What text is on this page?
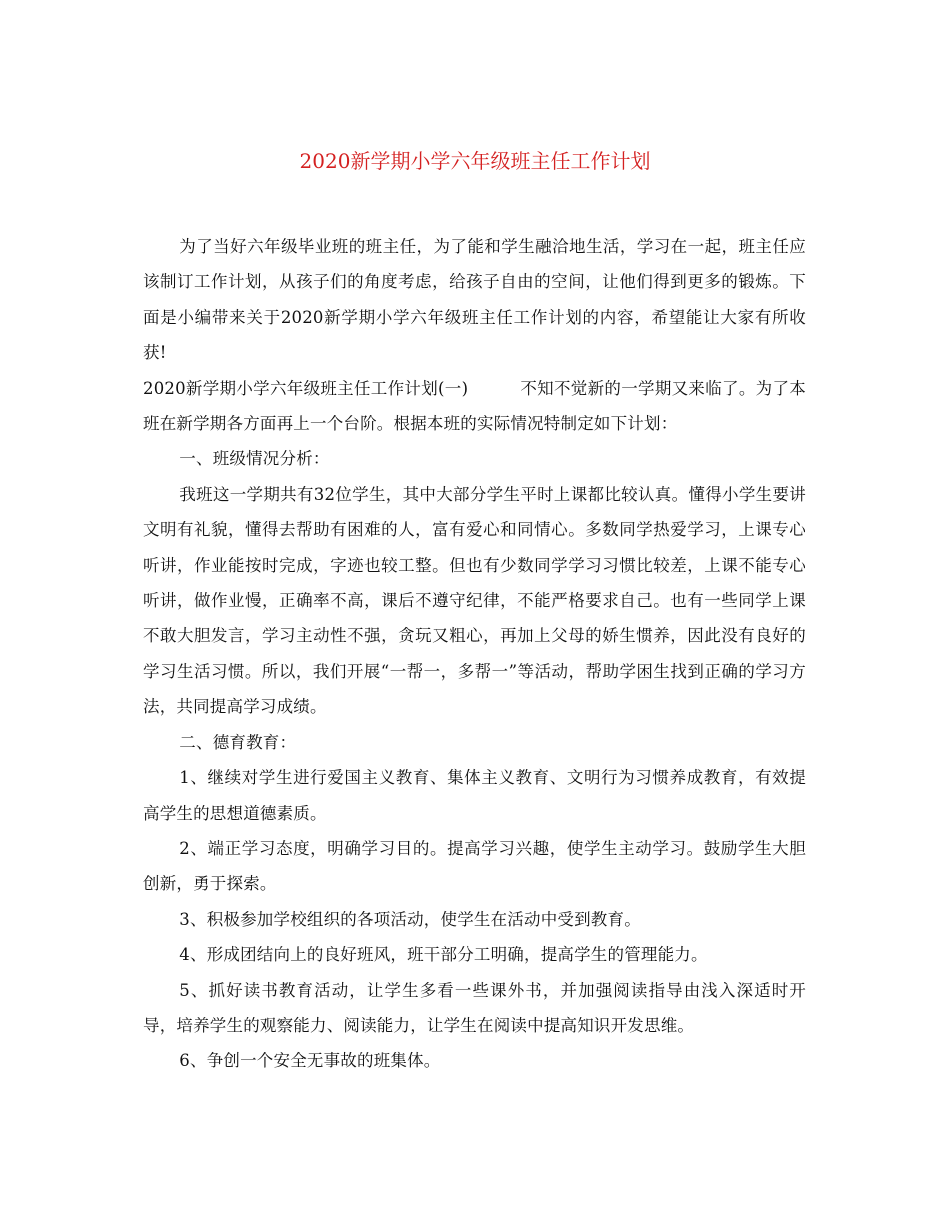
2020新学期小学六年级班主任工作计划

为了当好六年级毕业班的班主任，为了能和学生融洽地生活，学习在一起，班主任应该制订工作计划，从孩子们的角度考虑，给孩子自由的空间，让他们得到更多的锻炼。下面是小编带来关于2020新学期小学六年级班主任工作计划的内容，希望能让大家有所收获!

2020新学期小学六年级班主任工作计划(一)	不知不觉新的一学期又来临了。为了本班在新学期各方面再上一个台阶。根据本班的实际情况特制定如下计划：

一、班级情况分析：

我班这一学期共有32位学生，其中大部分学生平时上课都比较认真。懂得小学生要讲文明有礼貌，懂得去帮助有困难的人，富有爱心和同情心。多数同学热爱学习，上课专心听讲，作业能按时完成，字迹也较工整。但也有少数同学学习习惯比较差，上课不能专心听讲，做作业慢，正确率不高，课后不遵守纪律，不能严格要求自己。也有一些同学上课不敢大胆发言，学习主动性不强，贪玩又粗心，再加上父母的娇生惯养，因此没有良好的学习生活习惯。所以，我们开展“一帮一，多帮一”等活动，帮助学困生找到正确的学习方法，共同提高学习成绩。

二、德育教育：

1、继续对学生进行爱国主义教育、集体主义教育、文明行为习惯养成教育，有效提高学生的思想道德素质。

2、端正学习态度，明确学习目的。提高学习兴趣，使学生主动学习。鼓励学生大胆创新，勇于探索。

3、积极参加学校组织的各项活动，使学生在活动中受到教育。

4、形成团结向上的良好班风，班干部分工明确，提高学生的管理能力。

5、抓好读书教育活动，让学生多看一些课外书，并加强阅读指导由浅入深适时开导，培养学生的观察能力、阅读能力，让学生在阅读中提高知识开发思维。

6、争创一个安全无事故的班集体。
